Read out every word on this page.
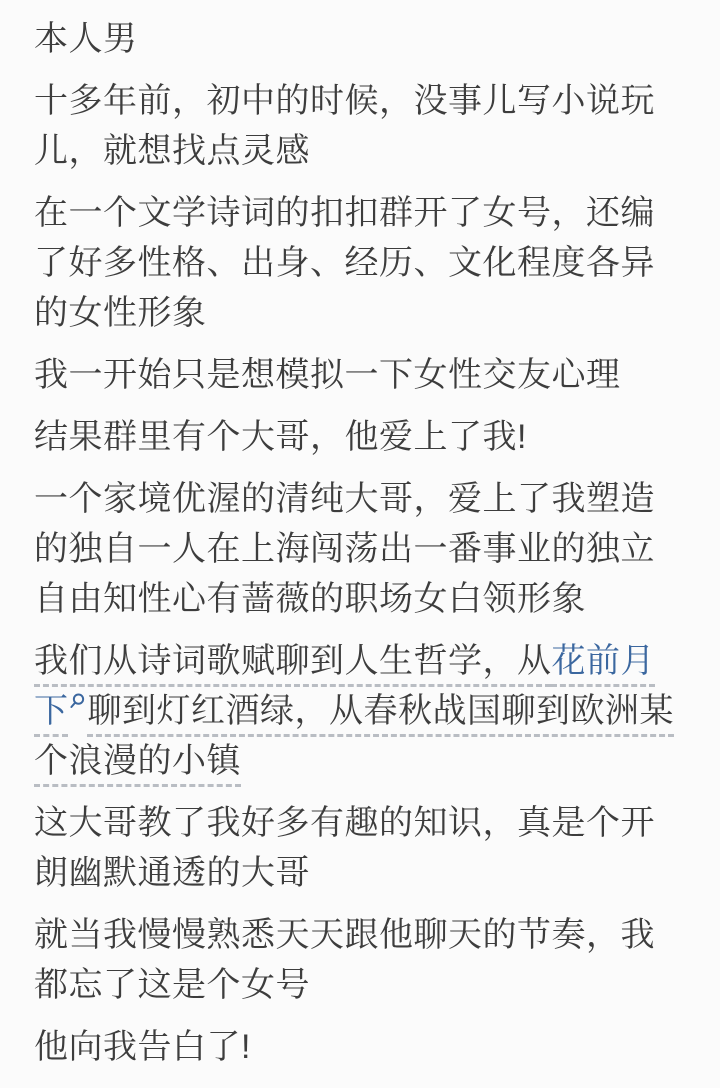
本人男

十多年前，初中的时候，没事儿写小说玩儿，就想找点灵感

在一个文学诗词的扣扣群开了女号，还编了好多性格、出身、经历、文化程度各异的女性形象

我一开始只是想模拟一下女性交友心理

结果群里有个大哥，他爱上了我!

一个家境优渥的清纯大哥，爱上了我塑造的独自一人在上海闯荡出一番事业的独立自由知性心有蔷薇的职场女白领形象

我们从诗词歌赋聊到人生哲学，从花前月下 聊到灯红酒绿，从春秋战国聊到欧洲某个浪漫的小镇

这大哥教了我好多有趣的知识，真是个开朗幽默通透的大哥

就当我慢慢熟悉天天跟他聊天的节奏，我都忘了这是个女号

他向我告白了!
